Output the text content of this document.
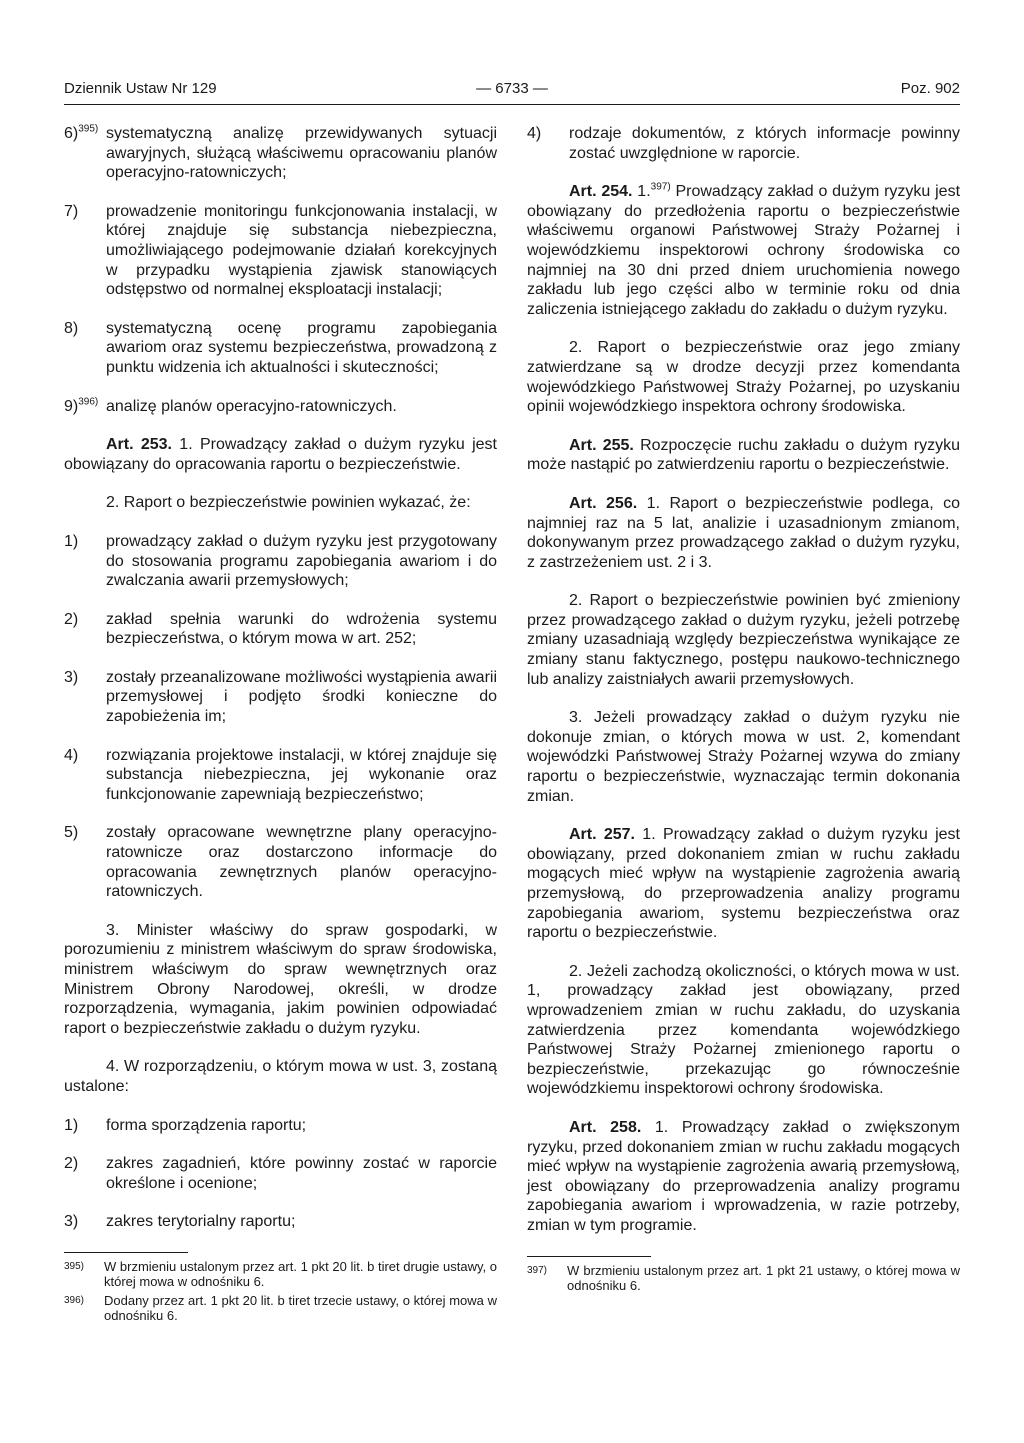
Dziennik Ustaw Nr 129	— 6733 —	Poz. 902
6)$^{395)}$ systematyczną analizę przewidywanych sytuacji awaryjnych, służącą właściwemu opracowaniu planów operacyjno-ratowniczych;
7) prowadzenie monitoringu funkcjonowania instalacji, w której znajduje się substancja niebezpieczna, umożliwiającego podejmowanie działań korekcyjnych w przypadku wystąpienia zjawisk stanowiących odstępstwo od normalnej eksploatacji instalacji;
8) systematyczną ocenę programu zapobiegania awariom oraz systemu bezpieczeństwa, prowadzoną z punktu widzenia ich aktualności i skuteczności;
9)$^{396)}$ analizę planów operacyjno-ratowniczych.

Art. 253. 1. Prowadzący zakład o dużym ryzyku jest obowiązany do opracowania raportu o bezpieczeństwie.

2. Raport o bezpieczeństwie powinien wykazać, że:

1) prowadzący zakład o dużym ryzyku jest przygotowany do stosowania programu zapobiegania awariom i do zwalczania awarii przemysłowych;
2) zakład spełnia warunki do wdrożenia systemu bezpieczeństwa, o którym mowa w art. 252;
3) zostały przeanalizowane możliwości wystąpienia awarii przemysłowej i podjęto środki konieczne do zapobieżenia im;
4) rozwiązania projektowe instalacji, w której znajduje się substancja niebezpieczna, jej wykonanie oraz funkcjonowanie zapewniają bezpieczeństwo;
5) zostały opracowane wewnętrzne plany operacyjno-ratownicze oraz dostarczono informacje do opracowania zewnętrznych planów operacyjno-ratowniczych.

3. Minister właściwy do spraw gospodarki, w porozumieniu z ministrem właściwym do spraw środowiska, ministrem właściwym do spraw wewnętrznych oraz Ministrem Obrony Narodowej, określi, w drodze rozporządzenia, wymagania, jakim powinien odpowiadać raport o bezpieczeństwie zakładu o dużym ryzyku.

4. W rozporządzeniu, o którym mowa w ust. 3, zostaną ustalone:

1) forma sporządzenia raportu;
2) zakres zagadnień, które powinny zostać w raporcie określone i ocenione;
3) zakres terytorialny raportu;
395) W brzmieniu ustalonym przez art. 1 pkt 20 lit. b tiret drugie ustawy, o której mowa w odnośniku 6.
396) Dodany przez art. 1 pkt 20 lit. b tiret trzecie ustawy, o której mowa w odnośniku 6.
4) rodzaje dokumentów, z których informacje powinny zostać uwzględnione w raporcie.

Art. 254. 1.$^{397)}$ Prowadzący zakład o dużym ryzyku jest obowiązany do przedłożenia raportu o bezpieczeństwie właściwemu organowi Państwowej Straży Pożarnej i wojewódzkiemu inspektorowi ochrony środowiska co najmniej na 30 dni przed dniem uruchomienia nowego zakładu lub jego części albo w terminie roku od dnia zaliczenia istniejącego zakładu do zakładu o dużym ryzyku.

2. Raport o bezpieczeństwie oraz jego zmiany zatwierdzane są w drodze decyzji przez komendanta wojewódzkiego Państwowej Straży Pożarnej, po uzyskaniu opinii wojewódzkiego inspektora ochrony środowiska.

Art. 255. Rozpoczęcie ruchu zakładu o dużym ryzyku może nastąpić po zatwierdzeniu raportu o bezpieczeństwie.

Art. 256. 1. Raport o bezpieczeństwie podlega, co najmniej raz na 5 lat, analizie i uzasadnionym zmianom, dokonywanym przez prowadzącego zakład o dużym ryzyku, z zastrzeżeniem ust. 2 i 3.

2. Raport o bezpieczeństwie powinien być zmieniony przez prowadzącego zakład o dużym ryzyku, jeżeli potrzebę zmiany uzasadniają względy bezpieczeństwa wynikające ze zmiany stanu faktycznego, postępu naukowo-technicznego lub analizy zaistniałych awarii przemysłowych.

3. Jeżeli prowadzący zakład o dużym ryzyku nie dokonuje zmian, o których mowa w ust. 2, komendant wojewódzki Państwowej Straży Pożarnej wzywa do zmiany raportu o bezpieczeństwie, wyznaczając termin dokonania zmian.

Art. 257. 1. Prowadzący zakład o dużym ryzyku jest obowiązany, przed dokonaniem zmian w ruchu zakładu mogących mieć wpływ na wystąpienie zagrożenia awarią przemysłową, do przeprowadzenia analizy programu zapobiegania awariom, systemu bezpieczeństwa oraz raportu o bezpieczeństwie.

2. Jeżeli zachodzą okoliczności, o których mowa w ust. 1, prowadzący zakład jest obowiązany, przed wprowadzeniem zmian w ruchu zakładu, do uzyskania zatwierdzenia przez komendanta wojewódzkiego Państwowej Straży Pożarnej zmienionego raportu o bezpieczeństwie, przekazując go równocześnie wojewódzkiemu inspektorowi ochrony środowiska.

Art. 258. 1. Prowadzący zakład o zwiększonym ryzyku, przed dokonaniem zmian w ruchu zakładu mogących mieć wpływ na wystąpienie zagrożenia awarią przemysłową, jest obowiązany do przeprowadzenia analizy programu zapobiegania awariom i wprowadzenia, w razie potrzeby, zmian w tym programie.

397) W brzmieniu ustalonym przez art. 1 pkt 21 ustawy, o której mowa w odnośniku 6.
